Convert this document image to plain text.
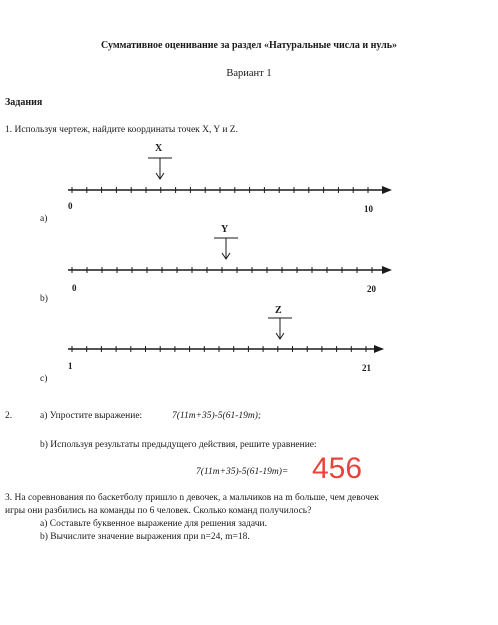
Суммативное оценивание за раздел «Натуральные числа и нуль»
Вариант 1
Задания
1. Используя чертеж, найдите координаты точек X, Y и Z.
X
0	10
a)
Y
0	20
b)
Z
1	21
c)
2.	a) Упростите выражение:	7(11m+35)-5(61-19m);
b) Используя результаты предыдущего действия, решите уравнение:
7(11m+35)-5(61-19m)= 456
3. На соревнования по баскетболу пришло n девочек, а мальчиков на m больше, чем девочек
игры они разбились на команды по 6 человек. Сколько команд получилось?
a) Составьте буквенное выражение для решения задачи.
b) Вычислите значение выражения при n=24, m=18.
